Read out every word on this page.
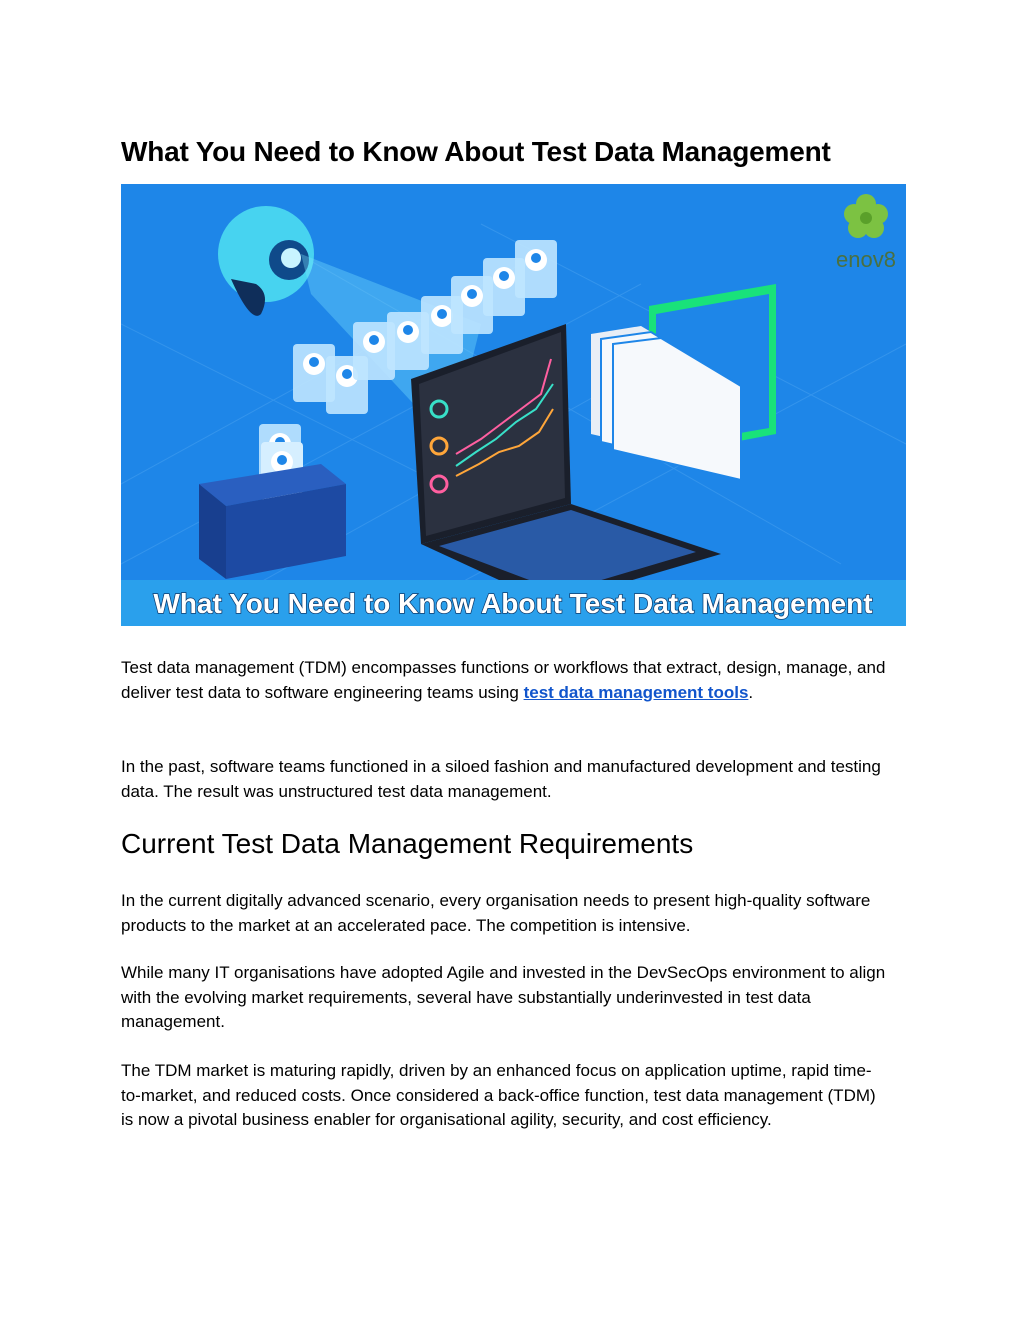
What You Need to Know About Test Data Management
enov8
What You Need to Know About Test Data Management

Test data management (TDM) encompasses functions or workflows that extract, design, manage, and deliver test data to software engineering teams using test data management tools.

In the past, software teams functioned in a siloed fashion and manufactured development and testing data. The result was unstructured test data management.

Current Test Data Management Requirements

In the current digitally advanced scenario, every organisation needs to present high-quality software products to the market at an accelerated pace. The competition is intensive.

While many IT organisations have adopted Agile and invested in the DevSecOps environment to align with the evolving market requirements, several have substantially underinvested in test data management.

The TDM market is maturing rapidly, driven by an enhanced focus on application uptime, rapid time-to-market, and reduced costs. Once considered a back-office function, test data management (TDM) is now a pivotal business enabler for organisational agility, security, and cost efficiency.
